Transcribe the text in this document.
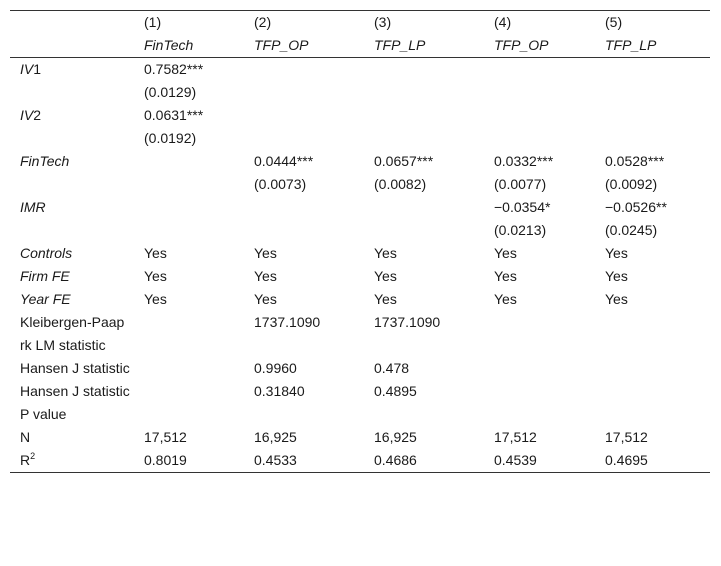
	(1)	(2)	(3)	(4)	(5)
	FinTech	TFP_OP	TFP_LP	TFP_OP	TFP_LP
IV1	0.7582***				
	(0.0129)				
IV2	0.0631***				
	(0.0192)				
FinTech		0.0444***	0.0657***	0.0332***	0.0528***
		(0.0073)	(0.0082)	(0.0077)	(0.0092)
IMR				−0.0354*	−0.0526**
				(0.0213)	(0.0245)
Controls	Yes	Yes	Yes	Yes	Yes
Firm FE	Yes	Yes	Yes	Yes	Yes
Year FE	Yes	Yes	Yes	Yes	Yes
Kleibergen-Paap rk LM statistic		1737.1090	1737.1090		
Hansen J statistic		0.9960	0.478		
Hansen J statistic P value		0.31840	0.4895		
N	17,512	16,925	16,925	17,512	17,512
$R^2$	0.8019	0.4533	0.4686	0.4539	0.4695
